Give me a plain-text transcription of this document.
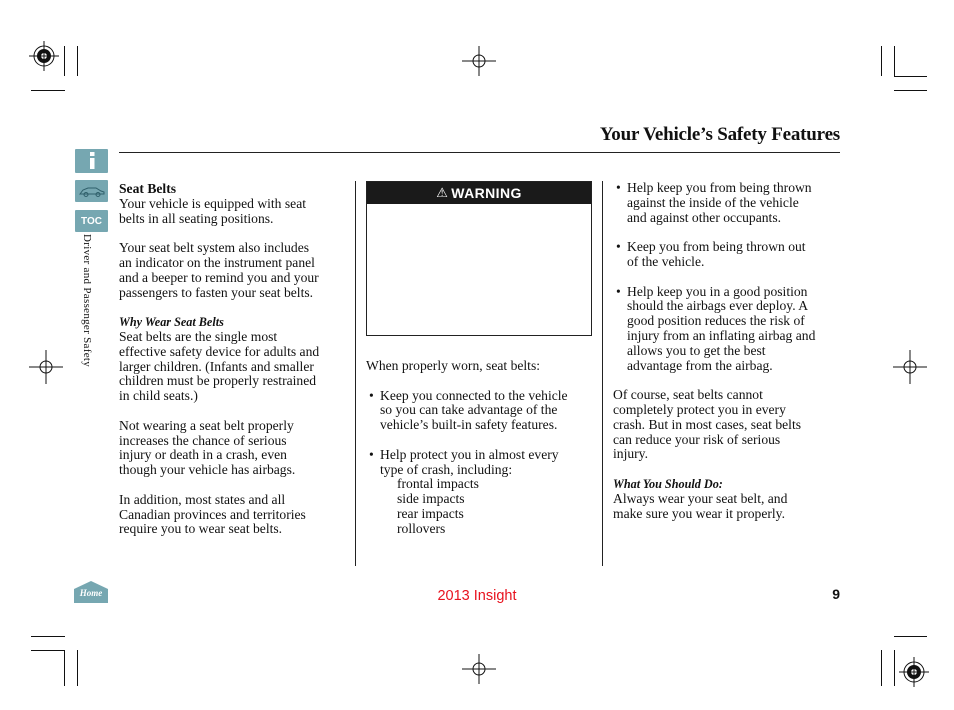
Your Vehicle’s Safety Features
TOC
Driver and Passenger Safety
Home

Seat Belts

Your vehicle is equipped with seat

belts in all seating positions.

Your seat belt system also includes

an indicator on the instrument panel

and a beeper to remind you and your

passengers to fasten your seat belts.

Why Wear Seat Belts

Seat belts are the single most

effective safety device for adults and

larger children. (Infants and smaller

children must be properly restrained

in child seats.)

Not wearing a seat belt properly

increases the chance of serious

injury or death in a crash, even

though your vehicle has airbags.

In addition, most states and all

Canadian provinces and territories

require you to wear seat belts.

⚠ WARNING

When properly worn, seat belts:

• Keep you connected to the vehicle

so you can take advantage of the

vehicle’s built-in safety features.

• Help protect you in almost every

type of crash, including:

frontal impacts

side impacts

rear impacts

rollovers

• Help keep you from being thrown

against the inside of the vehicle

and against other occupants.

• Keep you from being thrown out

of the vehicle.

• Help keep you in a good position

should the airbags ever deploy. A

good position reduces the risk of

injury from an inflating airbag and

allows you to get the best

advantage from the airbag.

Of course, seat belts cannot

completely protect you in every

crash. But in most cases, seat belts

can reduce your risk of serious

injury.

What You Should Do:

Always wear your seat belt, and

make sure you wear it properly.

2013 Insight	9
